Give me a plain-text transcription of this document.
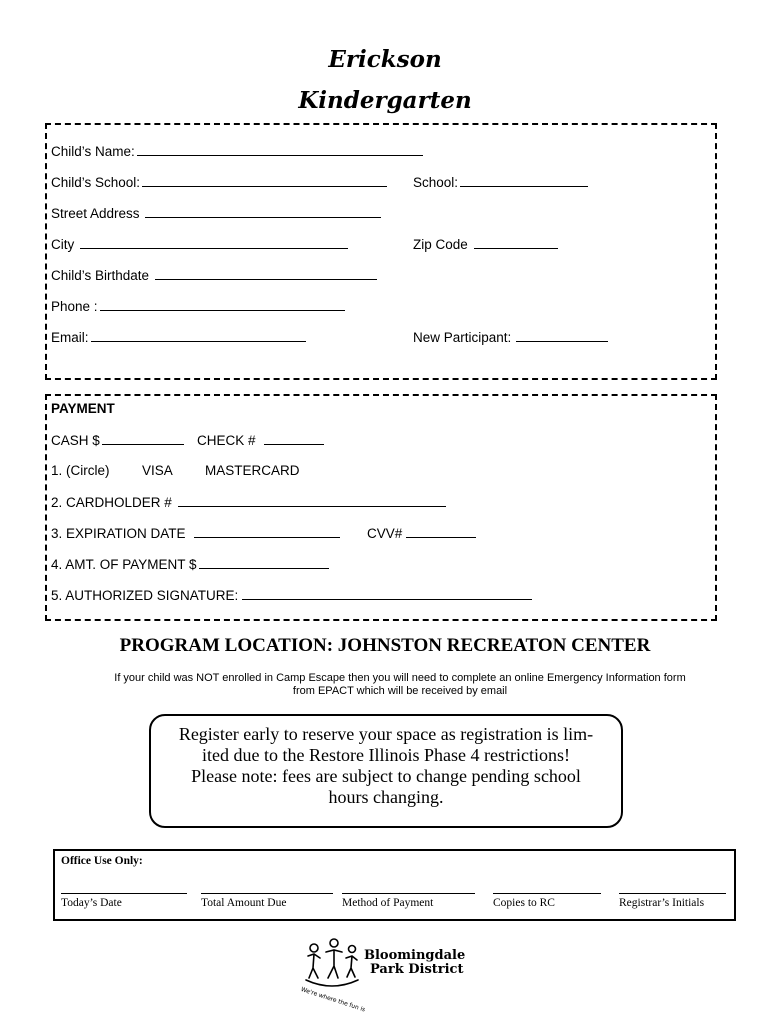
Erickson
Kindergarten
Child’s Name:
Child’s School:	School:
Street Address
City	Zip Code
Child’s Birthdate
Phone :
Email:	New Participant:
PAYMENT
CASH $	CHECK #
1. (Circle) VISA MASTERCARD
2. CARDHOLDER #
3. EXPIRATION DATE	CVV#
4. AMT. OF PAYMENT $
5. AUTHORIZED SIGNATURE:
PROGRAM LOCATION: JOHNSTON RECREATON CENTER
If your child was NOT enrolled in Camp Escape then you will need to complete an online Emergency Information form
from EPACT which will be received by email
Register early to reserve your space as registration is lim-
ited due to the Restore Illinois Phase 4 restrictions!
Please note: fees are subject to change pending school
hours changing.
Office Use Only:
Today’s Date	Total Amount Due	Method of Payment	Copies to RC	Registrar’s Initials
Bloomingdale
Park District
We're where the fun is
